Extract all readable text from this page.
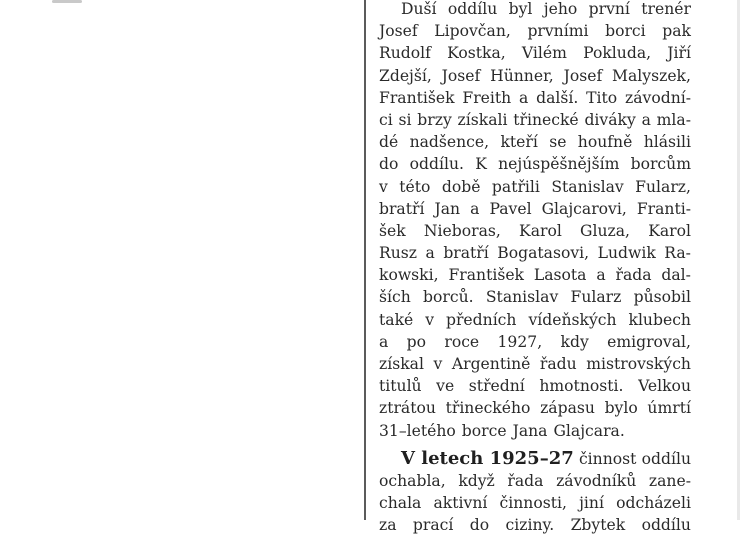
Duší oddílu byl jeho první trenér
Josef Lipovčan, prvními borci pak
Rudolf Kostka, Vilém Pokluda, Jiří
Zdejší, Josef Hünner, Josef Malyszek,
František Freith a další. Tito závodní-
ci si brzy získali třinecké diváky a mla-
dé nadšence, kteří se houfně hlásili
do oddílu. K nejúspěšnějším borcům
v této době patřili Stanislav Fularz,
bratří Jan a Pavel Glajcarovi, Franti-
šek Nieboras, Karol Gluza, Karol
Rusz a bratří Bogatasovi, Ludwik Ra-
kowski, František Lasota a řada dal-
ších borců. Stanislav Fularz působil
také v předních vídeňských klubech
a po roce 1927, kdy emigroval,
získal v Argentině řadu mistrovských
titulů ve střední hmotnosti. Velkou
ztrátou třineckého zápasu bylo úmrtí
31–letého borce Jana Glajcara.
V letech 1925–27 činnost oddílu
ochabla, když řada závodníků zane-
chala aktivní činnosti, jiní odcházeli
za prací do ciziny. Zbytek oddílu
